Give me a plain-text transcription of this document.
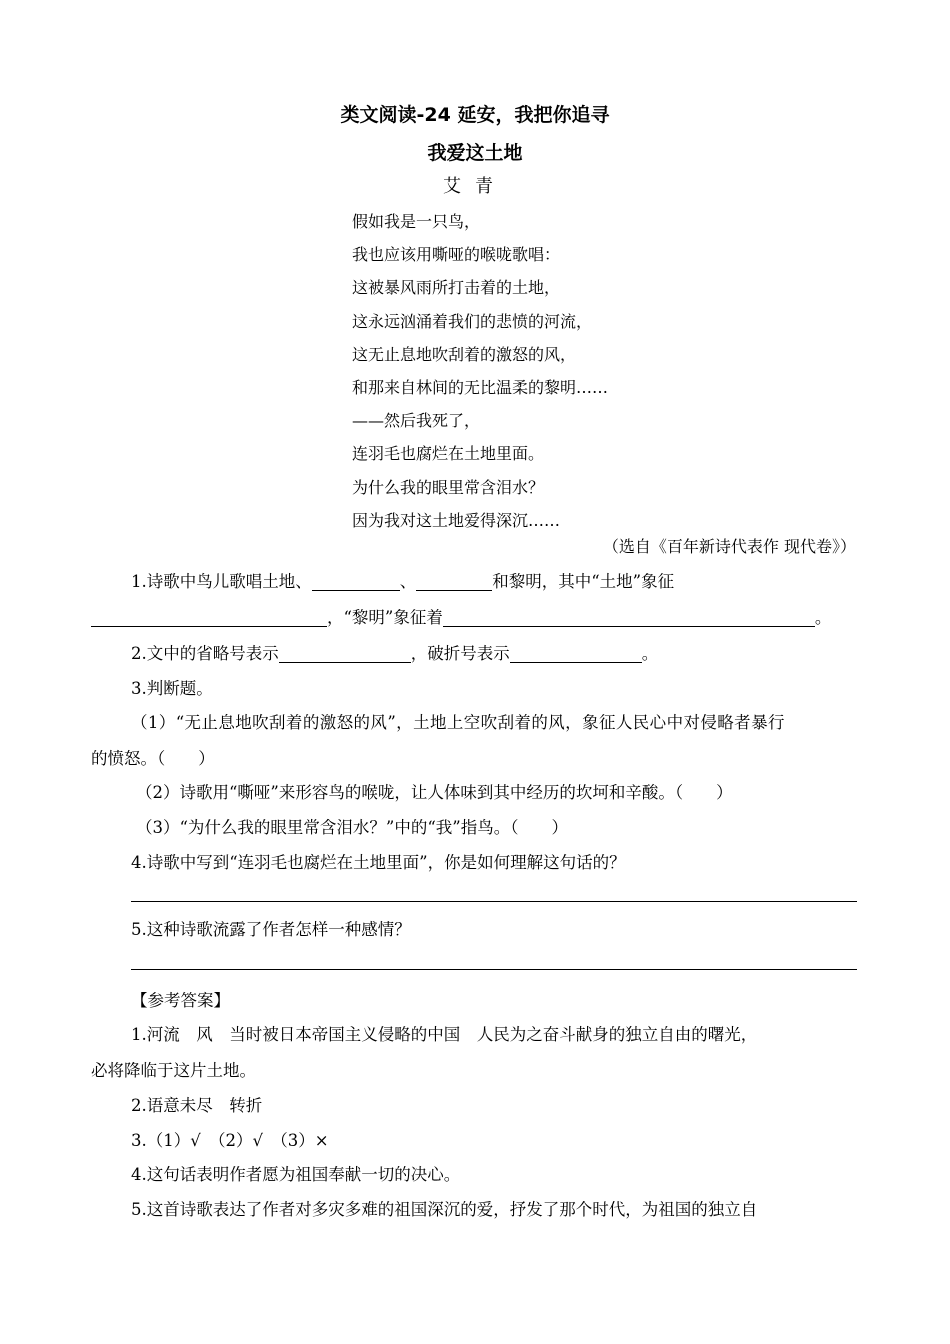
类文阅读-24 延安，我把你追寻
我爱这土地
艾青
假如我是一只鸟，
我也应该用嘶哑的喉咙歌唱：
这被暴风雨所打击着的土地，
这永远汹涌着我们的悲愤的河流，
这无止息地吹刮着的激怒的风，
和那来自林间的无比温柔的黎明……
——然后我死了，
连羽毛也腐烂在土地里面。
为什么我的眼里常含泪水？
因为我对这土地爱得深沉……
（选自《百年新诗代表作 现代卷》）
1.诗歌中鸟儿歌唱土地、	、	和黎明，其中“土地”象征
，“黎明”象征着	。
2.文中的省略号表示	，破折号表示	。
3.判断题。
（1）“无止息地吹刮着的激怒的风”，土地上空吹刮着的风，象征人民心中对侵略者暴行
的愤怒。（　　）
（2）诗歌用“嘶哑”来形容鸟的喉咙，让人体味到其中经历的坎坷和辛酸。（　　）
（3）“为什么我的眼里常含泪水？”中的“我”指鸟。（　　）
4.诗歌中写到“连羽毛也腐烂在土地里面”，你是如何理解这句话的？
5.这种诗歌流露了作者怎样一种感情？
【参考答案】
1.河流　风　当时被日本帝国主义侵略的中国　人民为之奋斗献身的独立自由的曙光，
必将降临于这片土地。
2.语意未尽　转折
3.（1）√　（2）√　（3）×
4.这句话表明作者愿为祖国奉献一切的决心。
5.这首诗歌表达了作者对多灾多难的祖国深沉的爱，抒发了那个时代，为祖国的独立自
